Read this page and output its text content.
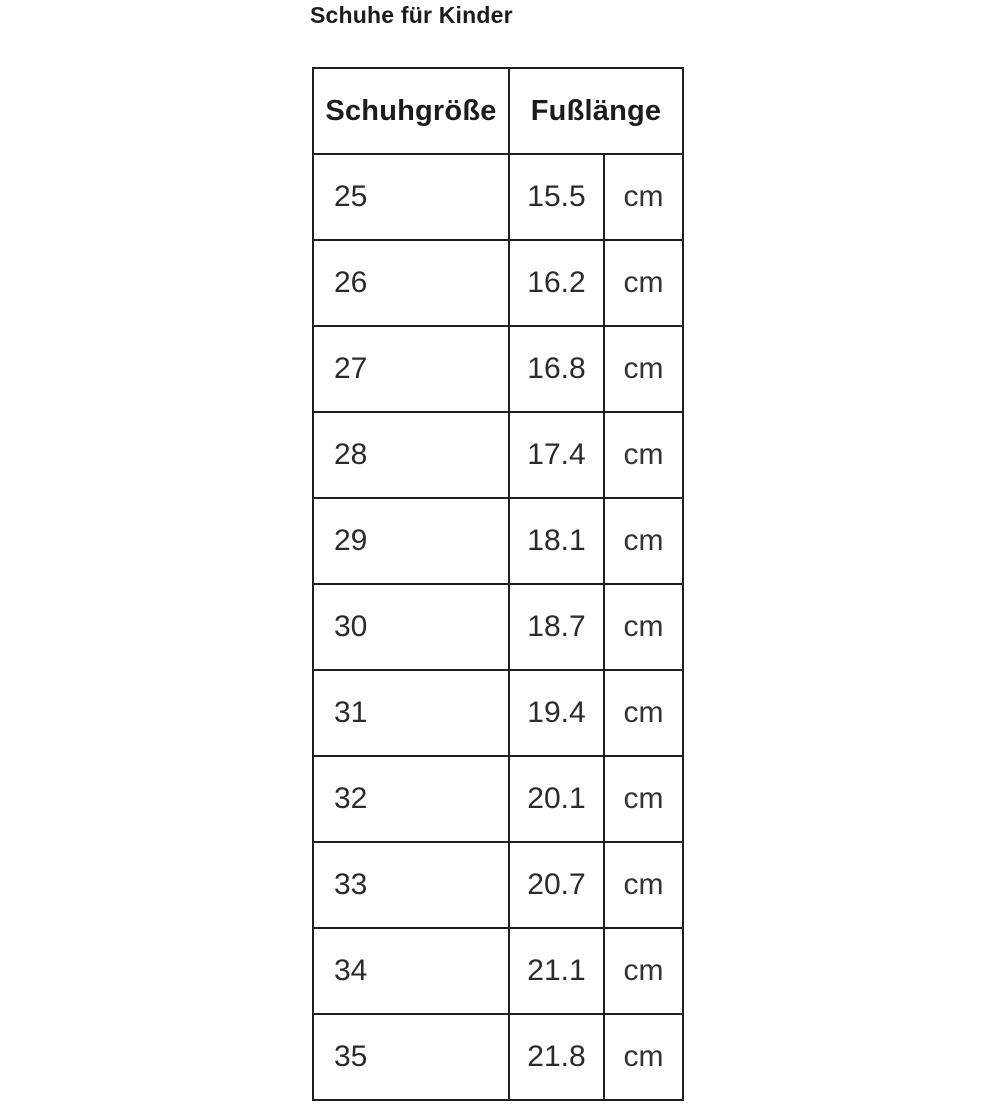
Schuhe für Kinder
Schuhgröße	Fußlänge	
25	15.5	cm
26	16.2	cm
27	16.8	cm
28	17.4	cm
29	18.1	cm
30	18.7	cm
31	19.4	cm
32	20.1	cm
33	20.7	cm
34	21.1	cm
35	21.8	cm
